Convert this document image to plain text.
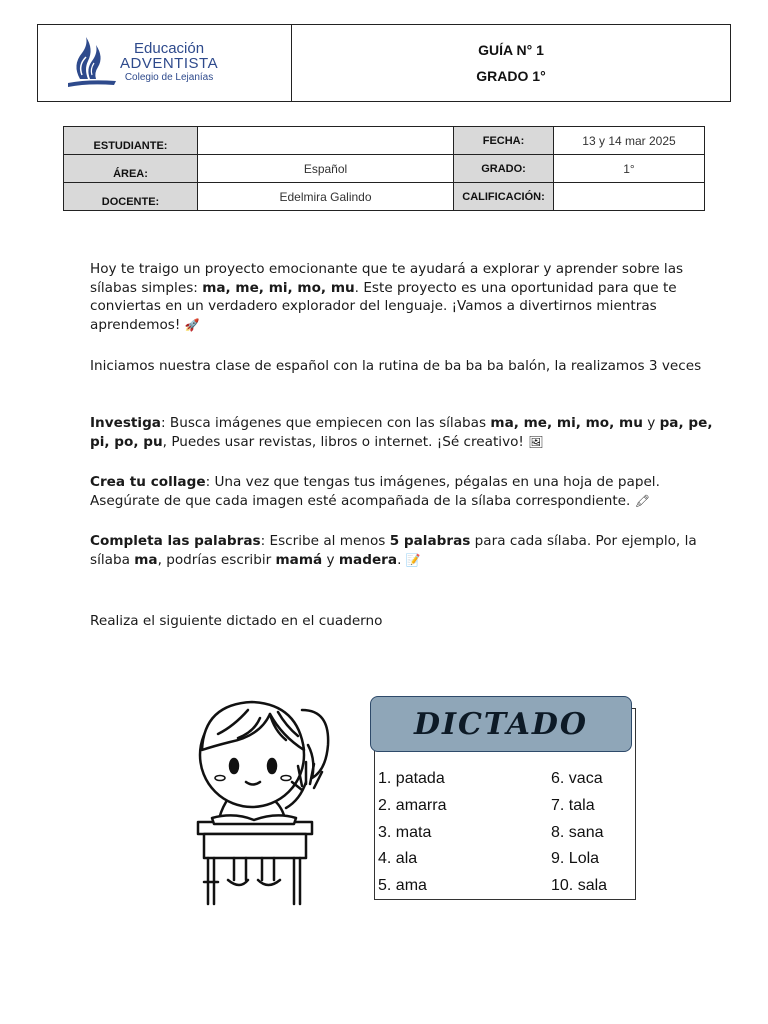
Educación
ADVENTISTA
Colegio de Lejanías
GUÍA N° 1
GRADO 1°
ESTUDIANTE:		FECHA:	13 y 14 mar 2025
ÁREA:	Español	GRADO:	1°
DOCENTE:	Edelmira Galindo	CALIFICACIÓN:	
Hoy te traigo un proyecto emocionante que te ayudará a explorar y aprender sobre las sílabas simples: ma, me, mi, mo, mu. Este proyecto es una oportunidad para que te conviertas en un verdadero explorador del lenguaje. ¡Vamos a divertirnos mientras aprendemos! 🚀
Iniciamos nuestra clase de español con la rutina de ba ba ba balón, la realizamos 3 veces
Investiga: Busca imágenes que empiecen con las sílabas ma, me, mi, mo, mu y pa, pe, pi, po, pu, Puedes usar revistas, libros o internet. ¡Sé creativo! 🖼
Crea tu collage: Una vez que tengas tus imágenes, pégalas en una hoja de papel. Asegúrate de que cada imagen esté acompañada de la sílaba correspondiente. 🖍
Completa las palabras: Escribe al menos 5 palabras para cada sílaba. Por ejemplo, la sílaba ma, podrías escribir mamá y madera. 📝
Realiza el siguiente dictado en el cuaderno
DICTADO
1. patada
2. amarra
3. mata
4. ala
5. ama
6. vaca
7. tala
8. sana
9. Lola
10. sala
